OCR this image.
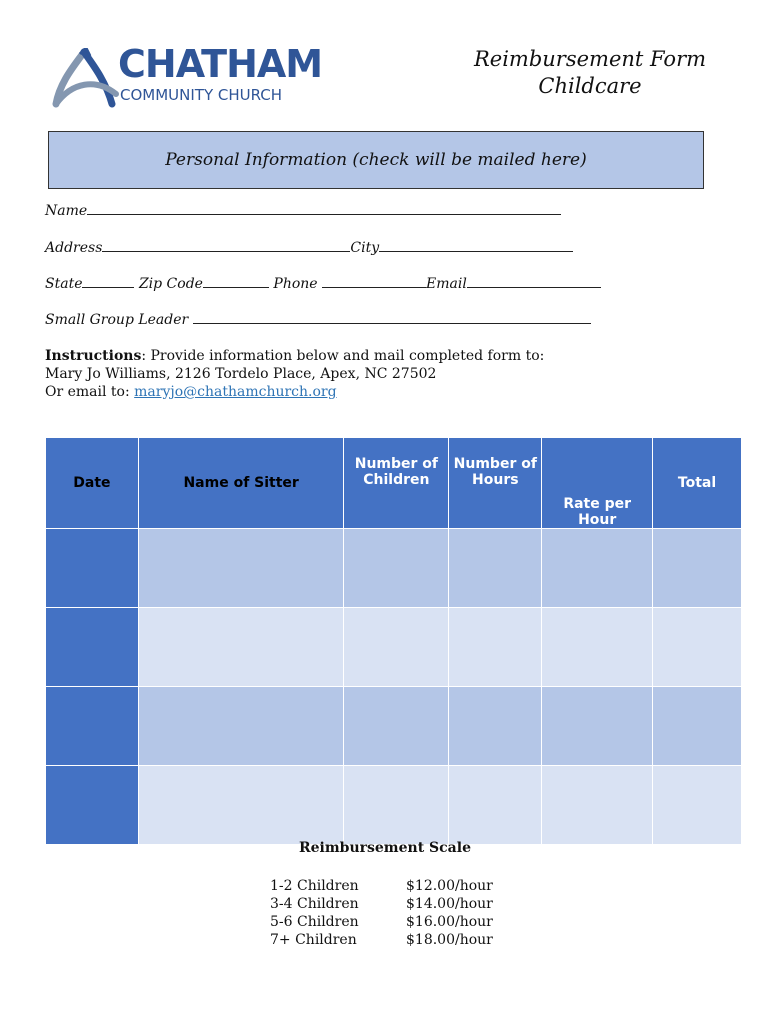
CHATHAM
COMMUNITY CHURCH
Reimbursement Form
Childcare
Personal Information (check will be mailed here)
Name
Address	City
State	Zip Code	Phone	Email
Small Group Leader
Instructions: Provide information below and mail completed form to:
Mary Jo Williams, 2126 Tordelo Place, Apex, NC 27502
Or email to: maryjo@chathamchurch.org
Date	Name of Sitter	Number of Children	Number of Hours	Rate per Hour	Total

Reimbursement Scale
1-2 Children	$12.00/hour
3-4 Children	$14.00/hour
5-6 Children	$16.00/hour
7+ Children	$18.00/hour
